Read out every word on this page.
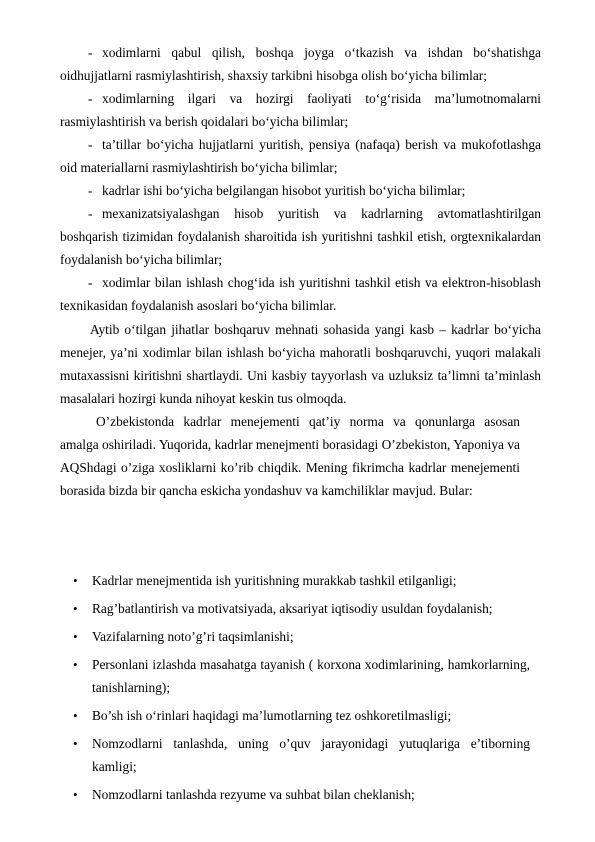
- xodimlarni qabul qilish, boshqa joyga o‘tkazish va ishdan bo‘shatishga oidhujjatlarni rasmiylashtirish, shaxsiy tarkibni hisobga olish bo‘yicha bilimlar;

- xodimlarning ilgari va hozirgi faoliyati to‘g‘risida ma’lumotnomalarni rasmiylashtirish va berish qoidalari bo‘yicha bilimlar;

- ta’tillar bo‘yicha hujjatlarni yuritish, pensiya (nafaqa) berish va mukofotlashga oid materiallarni rasmiylashtirish bo‘yicha bilimlar;

- kadrlar ishi bo‘yicha belgilangan hisobot yuritish bo‘yicha bilimlar;

- mexanizatsiyalashgan hisob yuritish va kadrlarning avtomatlashtirilgan boshqarish tizimidan foydalanish sharoitida ish yuritishni tashkil etish, orgtexnikalardan foydalanish bo‘yicha bilimlar;

- xodimlar bilan ishlash chog‘ida ish yuritishni tashkil etish va elektron-hisoblash texnikasidan foydalanish asoslari bo‘yicha bilimlar.

Aytib o‘tilgan jihatlar boshqaruv mehnati sohasida yangi kasb – kadrlar bo‘yicha menejer, ya’ni xodimlar bilan ishlash bo‘yicha mahoratli boshqaruvchi, yuqori malakali mutaxassisni kiritishni shartlaydi. Uni kasbiy tayyorlash va uzluksiz ta’limni ta’minlash masalalari hozirgi kunda nihoyat keskin tus olmoqda.

O’zbekistonda kadrlar menejementi qat’iy norma va qonunlarga asosan amalga oshiriladi. Yuqorida, kadrlar menejmenti borasidagi O’zbekiston, Yaponiya va AQShdagi o’ziga xosliklarni ko’rib chiqdik. Mening fikrimcha kadrlar menejementi borasida bizda bir qancha eskicha yondashuv va kamchiliklar mavjud. Bular:

• Kadrlar menejmentida ish yuritishning murakkab tashkil etilganligi;
• Rag’batlantirish va motivatsiyada, aksariyat iqtisodiy usuldan foydalanish;
• Vazifalarning noto’g’ri taqsimlanishi;
• Personlani izlashda masahatga tayanish ( korxona xodimlarining, hamkorlarning, tanishlarning);
• Bo’sh ish o‘rinlari haqidagi ma’lumotlarning tez oshkoretilmasligi;
• Nomzodlarni tanlashda, uning o’quv jarayonidagi yutuqlariga e’tiborning kamligi;
• Nomzodlarni tanlashda rezyume va suhbat bilan cheklanish;
